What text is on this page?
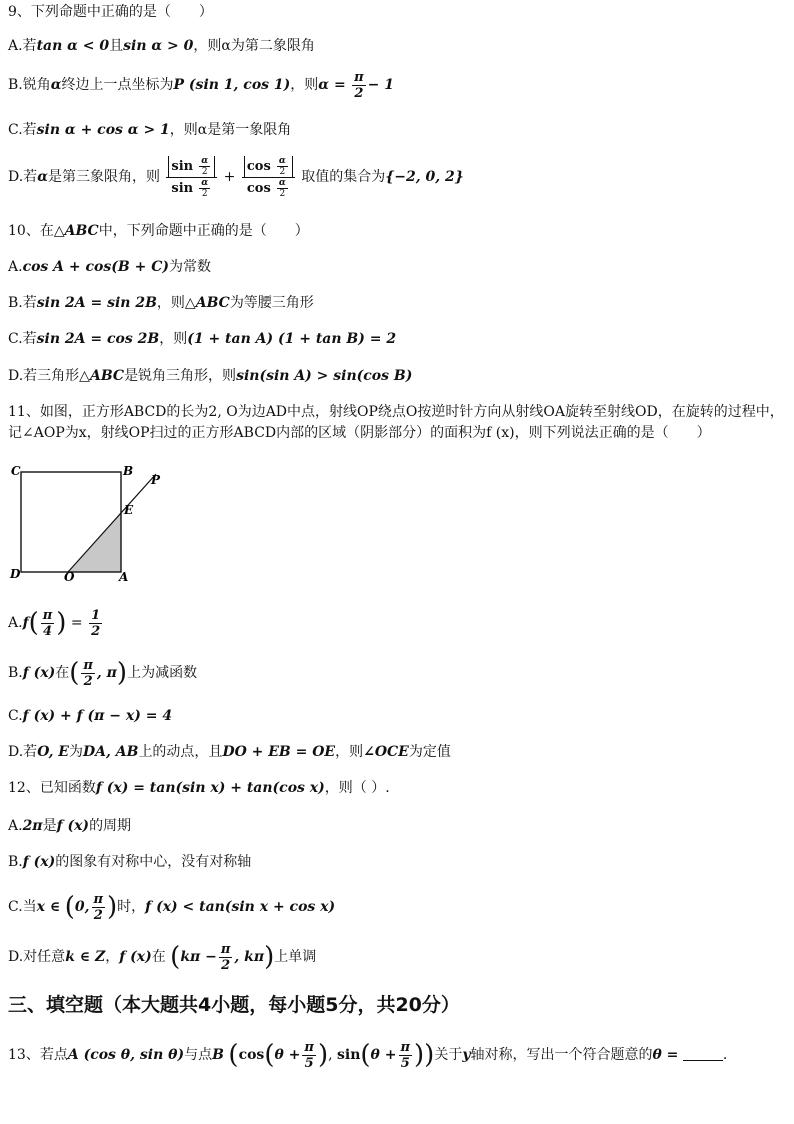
9、下列命题中正确的是（　　）
A.若tan α < 0且sin α > 0，则α为第二象限角
B.锐角α终边上一点坐标为P (sin 1, cos 1)，则$\alpha = \frac{\pi}{2} - 1$
C.若sin α + cos α > 1，则α是第一象限角
D.若α是第三象限角，则 $\frac{\sin \frac{\alpha}{2}}{\sin \frac{\alpha}{2}} + \frac{\cos \frac{\alpha}{2}}{\cos \frac{\alpha}{2}}$ 取值的集合为{−2, 0, 2}
10、在△ABC中，下列命题中正确的是（　　）
A.cos A + cos(B + C)为常数
B.若sin 2A = sin 2B，则△ABC为等腰三角形
C.若sin 2A = cos 2B，则(1 + tan A) (1 + tan B) = 2
D.若三角形△ABC是锐角三角形，则sin(sin A) > sin(cos B)
11、如图，正方形ABCD的长为2, O为边AD中点，射线OP绕点O按逆时针方向从射线OA旋转至射线OD，在旋转的过程中，记∠AOP为x，射线OP扫过的正方形ABCD内部的区域（阴影部分）的面积为f (x)，则下列说法正确的是（　　）
C	B
P
E
D	O	A
$A.f( \frac{\pi}{4}$ ) = $\frac{1}{2}$
B.f (x)在( $\frac{\pi}{2}$ , π)上为减函数
C.f (x) + f (π − x) = 4
D.若O, E为DA, AB上的动点，且DO + EB = OE，则∠OCE为定值
12、已知函数f (x) = tan(sin x) + tan(cos x)，则（ ）.
A.2π是f (x)的周期
B.f (x)的图象有对称中心，没有对称轴
C.当x ∈ (0, $\frac{\pi}{2}$ )时，f (x) < tan(sin x + cos x)
D.对任意k ∈ Z，f (x)在 ($k\pi - \frac{\pi}{2}$ , kπ)上单调
三、填空题（本大题共4小题，每小题5分，共20分）
13、若点A (cos θ, sin θ)与点B ($\cos(\theta + \frac{\pi}{5}$ ), $\sin(\theta + \frac{\pi}{5}$ ))关于y轴对称，写出一个符合题意的θ =	.
